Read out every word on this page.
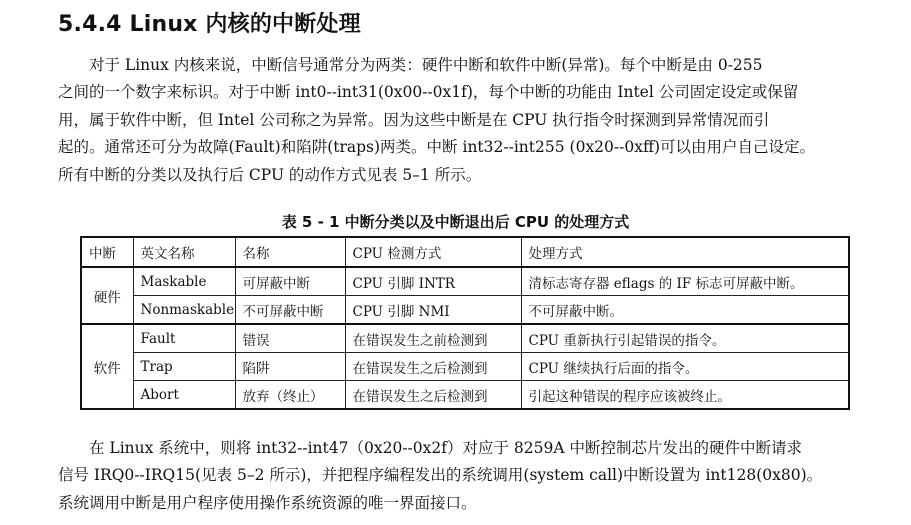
5.4.4 Linux 内核的中断处理
　　对于 Linux 内核来说，中断信号通常分为两类：硬件中断和软件中断(异常)。每个中断是由 0-255
之间的一个数字来标识。对于中断 int0--int31(0x00--0x1f)，每个中断的功能由 Intel 公司固定设定或保留
用，属于软件中断，但 Intel 公司称之为异常。因为这些中断是在 CPU 执行指令时探测到异常情况而引
起的。通常还可分为故障(Fault)和陷阱(traps)两类。中断 int32--int255 (0x20--0xff)可以由用户自己设定。
所有中断的分类以及执行后 CPU 的动作方式见表 5–1 所示。
表 5 - 1 中断分类以及中断退出后 CPU 的处理方式
中断	英文名称	名称	CPU 检测方式	处理方式
硬件	Maskable	可屏蔽中断	CPU 引脚 INTR	清标志寄存器 eflags 的 IF 标志可屏蔽中断。
	Nonmaskable	不可屏蔽中断	CPU 引脚 NMI	不可屏蔽中断。
软件	Fault	错误	在错误发生之前检测到	CPU 重新执行引起错误的指令。
	Trap	陷阱	在错误发生之后检测到	CPU 继续执行后面的指令。
	Abort	放弃（终止）	在错误发生之后检测到	引起这种错误的程序应该被终止。
　　在 Linux 系统中，则将 int32--int47（0x20--0x2f）对应于 8259A 中断控制芯片发出的硬件中断请求
信号 IRQ0--IRQ15(见表 5–2 所示)，并把程序编程发出的系统调用(system call)中断设置为 int128(0x80)。
系统调用中断是用户程序使用操作系统资源的唯一界面接口。
